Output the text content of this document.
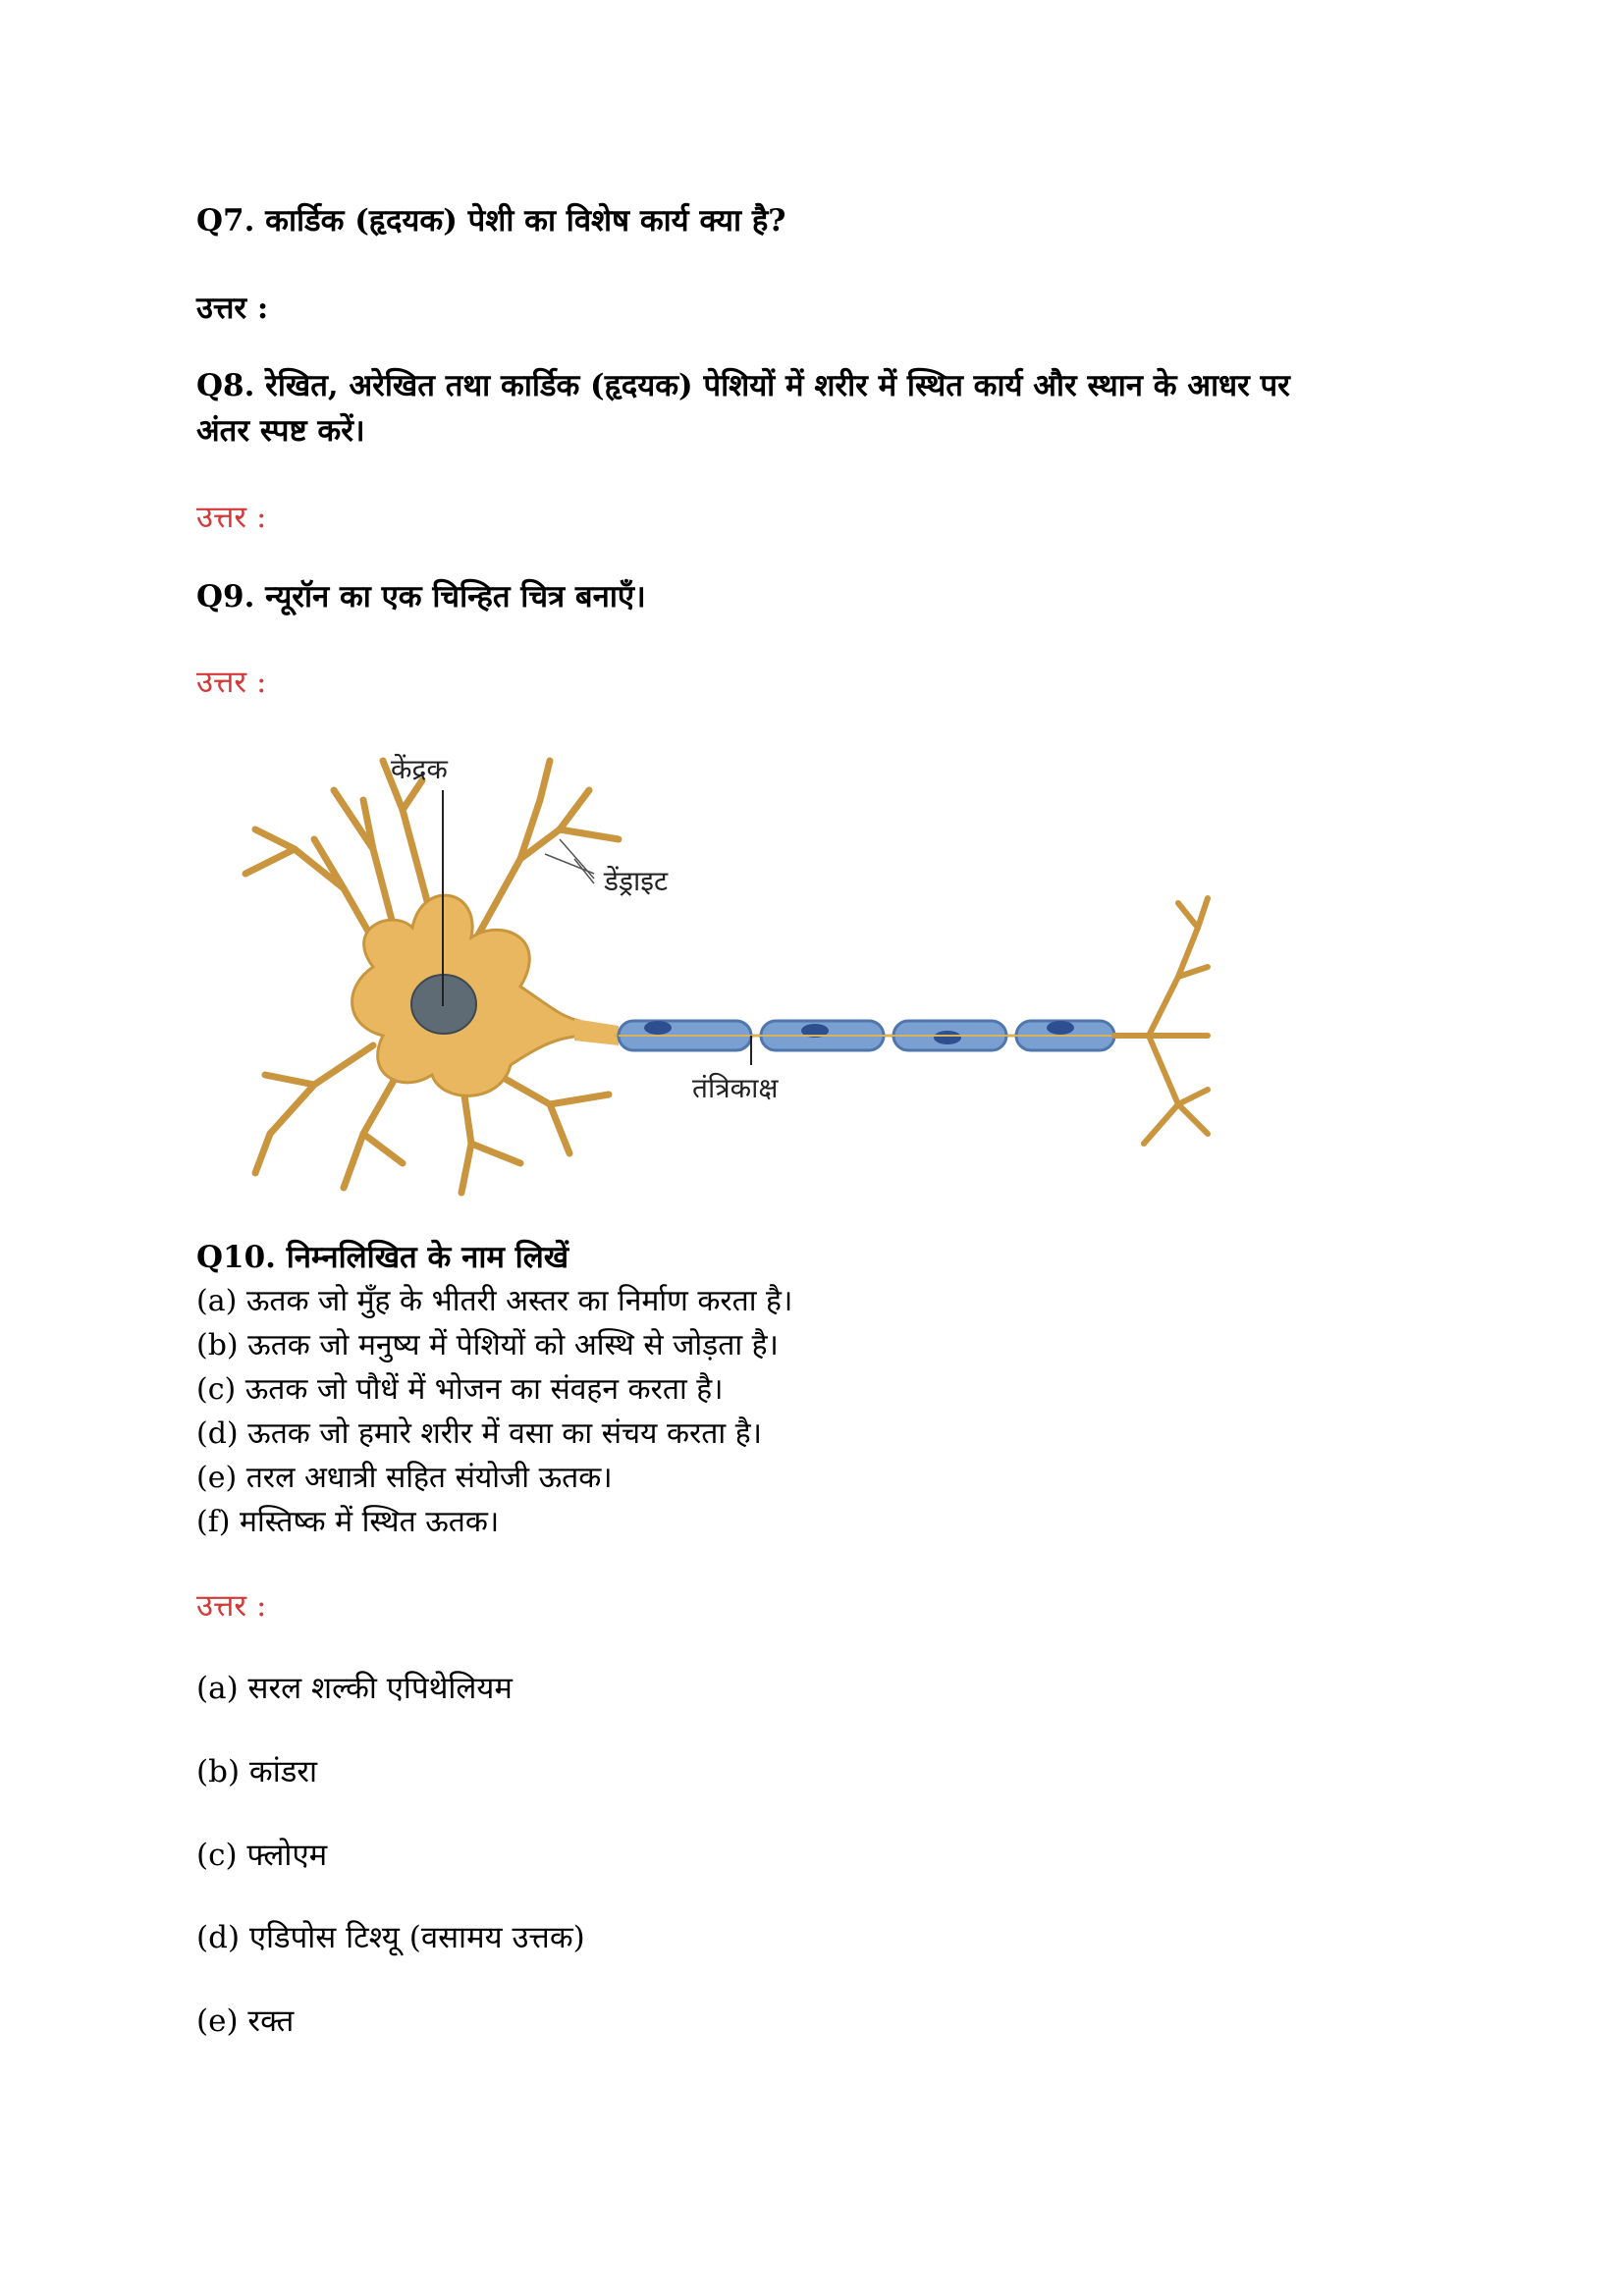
Q7. कार्डिक (हृदयक) पेशी का विशेष कार्य क्या है?
उत्तर :
Q8. रेखित, अरेखित तथा कार्डिक (हृदयक) पेशियों में शरीर में स्थित कार्य और स्थान के आधर पर
अंतर स्पष्ट करें।
उत्तर :
Q9. न्यूरॉन का एक चिन्हित चित्र बनाएँ।
उत्तर :
केंद्रक
डेंड्राइट
तंत्रिकाक्ष
Q10. निम्नलिखित के नाम लिखें
(a) ऊतक जो मुँह के भीतरी अस्तर का निर्माण करता है।
(b) ऊतक जो मनुष्य में पेशियों को अस्थि से जोड़ता है।
(c) ऊतक जो पौधें में भोजन का संवहन करता है।
(d) ऊतक जो हमारे शरीर में वसा का संचय करता है।
(e) तरल अधात्री सहित संयोजी ऊतक।
(f) मस्तिष्क में स्थित ऊतक।
उत्तर :
(a) सरल शल्की एपिथेलियम
(b) कांडरा
(c) फ्लोएम
(d) एडिपोस टिश्यू (वसामय उत्तक)
(e) रक्त
